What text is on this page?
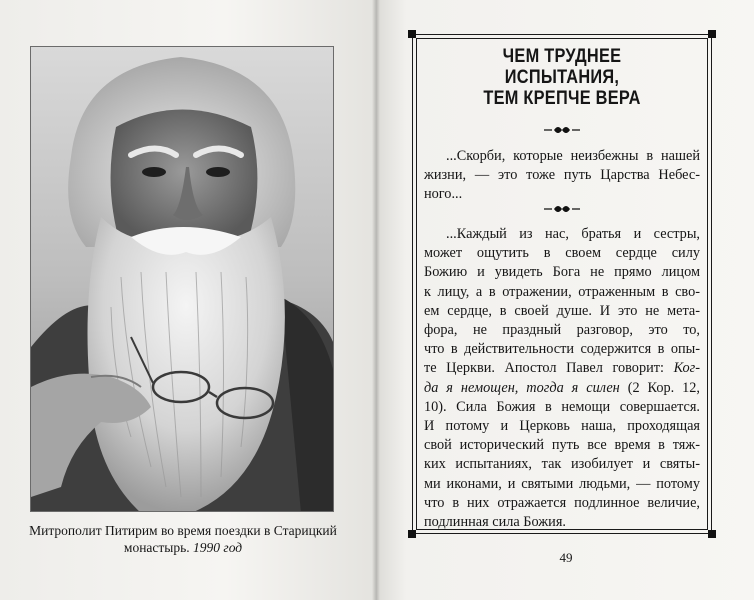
Митрополит Питирим во время поездки в Старицкий
монастырь. 1990 год
ЧЕМ ТРУДНЕЕ
ИСПЫТАНИЯ,
ТЕМ КРЕПЧЕ ВЕРА
...Скорби, которые неизбежны в нашей
жизни, — это тоже путь Царства Небес-
ного...
...Каждый из нас, братья и сестры,
может ощутить в своем сердце силу
Божию и увидеть Бога не прямо лицом
к лицу, а в отражении, отраженным в сво-
ем сердце, в своей душе. И это не мета-
фора, не праздный разговор, это то,
что в действительности содержится в опы-
те Церкви. Апостол Павел говорит: Ког-
да я немощен, тогда я силен (2 Кор. 12,
10). Сила Божия в немощи совершается.
И потому и Церковь наша, проходящая
свой исторический путь все время в тяж-
ких испытаниях, так изобилует и святы-
ми иконами, и святыми людьми, — потому
что в них отражается подлинное величие,
подлинная сила Божия.
49
